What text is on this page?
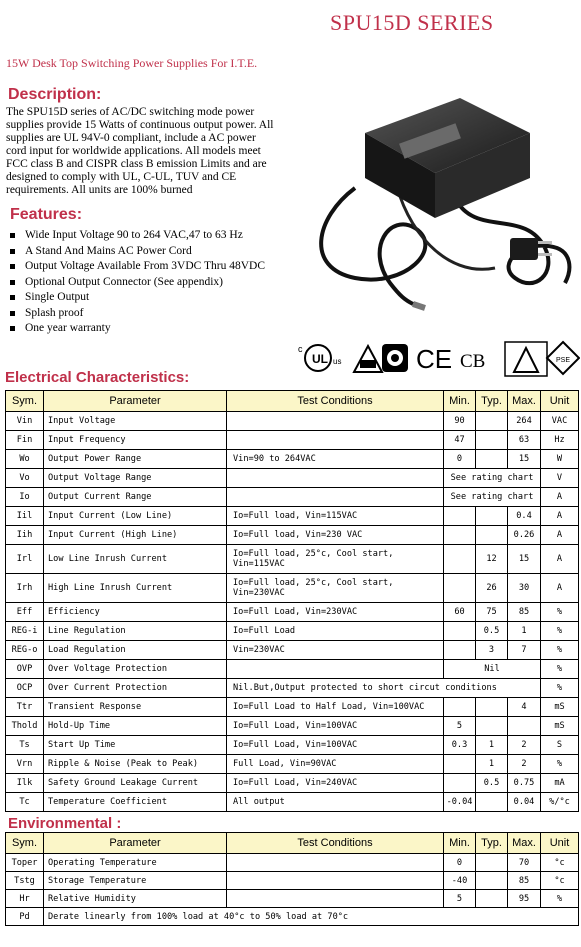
SPU15D SERIES
15W Desk Top Switching Power Supplies For I.T.E.
Description:
The SPU15D series of AC/DC switching mode power supplies provide 15 Watts of continuous output power. All supplies are UL 94V-0 compliant, include a AC power cord input for worldwide applications. All models meet FCC class B and CISPR class B emission Limits and are designed to comply with UL, C-UL, TUV and CE requirements. All units are 100% burned
Features:
Wide Input Voltage 90 to 264 VAC,47 to 63 Hz
A Stand And Mains AC Power Cord
Output Voltage Available From 3VDC Thru 48VDC
Optional Output Connector (See appendix)
Single Output
Splash proof
One year warranty
UL
c
us	CE CB	PSE
Electrical Characteristics:
Sym.	Parameter	Test Conditions	Min.	Typ.	Max.	Unit
Vin	Input Voltage		90		264	VAC
Fin	Input Frequency		47		63	Hz
Wo	Output Power Range	Vin=90 to 264VAC	0		15	W
Vo	Output Voltage Range		See rating chart			V
Io	Output Current Range		See rating chart			A
Iil	Input Current (Low Line)	Io=Full load, Vin=115VAC			0.4	A
Iih	Input Current (High Line)	Io=Full load, Vin=230 VAC			0.26	A
Irl	Low Line Inrush Current	Io=Full load, 25°c, Cool start, Vin=115VAC		12	15	A
Irh	High Line Inrush Current	Io=Full load, 25°c, Cool start, Vin=230VAC		26	30	A
Eff	Efficiency	Io=Full Load, Vin=230VAC	60	75	85	%
REG-i	Line Regulation	Io=Full Load		0.5	1	%
REG-o	Load Regulation	Vin=230VAC		3	7	%
OVP	Over Voltage Protection		Nil			%
OCP	Over Current Protection	Nil.But,Output protected to short circut conditions				%
Ttr	Transient Response	Io=Full Load to Half Load, Vin=100VAC			4	mS
Thold	Hold-Up Time	Io=Full Load, Vin=100VAC	5			mS
Ts	Start Up Time	Io=Full Load, Vin=100VAC	0.3	1	2	S
Vrn	Ripple & Noise (Peak to Peak)	Full Load, Vin=90VAC		1	2	%
Ilk	Safety Ground Leakage Current	Io=Full Load, Vin=240VAC		0.5	0.75	mA
Tc	Temperature Coefficient	All output	-0.04		0.04	%/°c
Environmental :
Sym.	Parameter	Test Conditions	Min.	Typ.	Max.	Unit
Toper	Operating Temperature		0		70	°c
Tstg	Storage Temperature		-40		85	°c
Hr	Relative Humidity		5		95	%
Pd	Derate linearly from 100% load at 40°c to 50% load at 70°c					
